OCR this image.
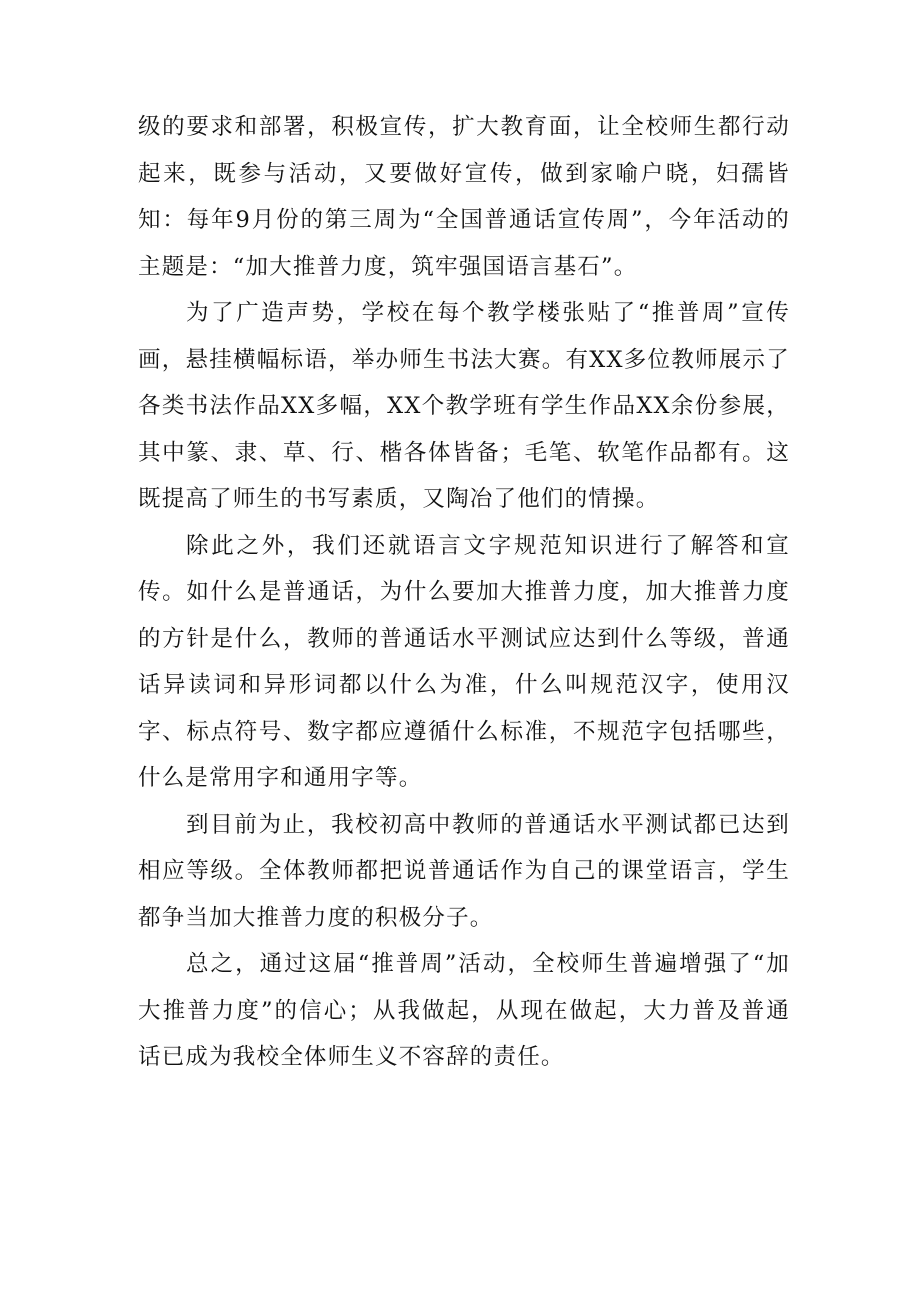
级的要求和部署，积极宣传，扩大教育面，让全校师生都行动起来，既参与活动，又要做好宣传，做到家喻户晓，妇孺皆知：每年9月份的第三周为“全国普通话宣传周”，今年活动的主题是：“加大推普力度，筑牢强国语言基石”。

为了广造声势，学校在每个教学楼张贴了“推普周”宣传画，悬挂横幅标语，举办师生书法大赛。有XX多位教师展示了各类书法作品XX多幅，XX个教学班有学生作品XX余份参展，其中篆、隶、草、行、楷各体皆备；毛笔、软笔作品都有。这既提高了师生的书写素质，又陶冶了他们的情操。

除此之外，我们还就语言文字规范知识进行了解答和宣传。如什么是普通话，为什么要加大推普力度，加大推普力度的方针是什么，教师的普通话水平测试应达到什么等级，普通话异读词和异形词都以什么为准，什么叫规范汉字，使用汉字、标点符号、数字都应遵循什么标准，不规范字包括哪些，什么是常用字和通用字等。

到目前为止，我校初高中教师的普通话水平测试都已达到相应等级。全体教师都把说普通话作为自己的课堂语言，学生都争当加大推普力度的积极分子。

总之，通过这届“推普周”活动，全校师生普遍增强了“加大推普力度”的信心；从我做起，从现在做起，大力普及普通话已成为我校全体师生义不容辞的责任。
